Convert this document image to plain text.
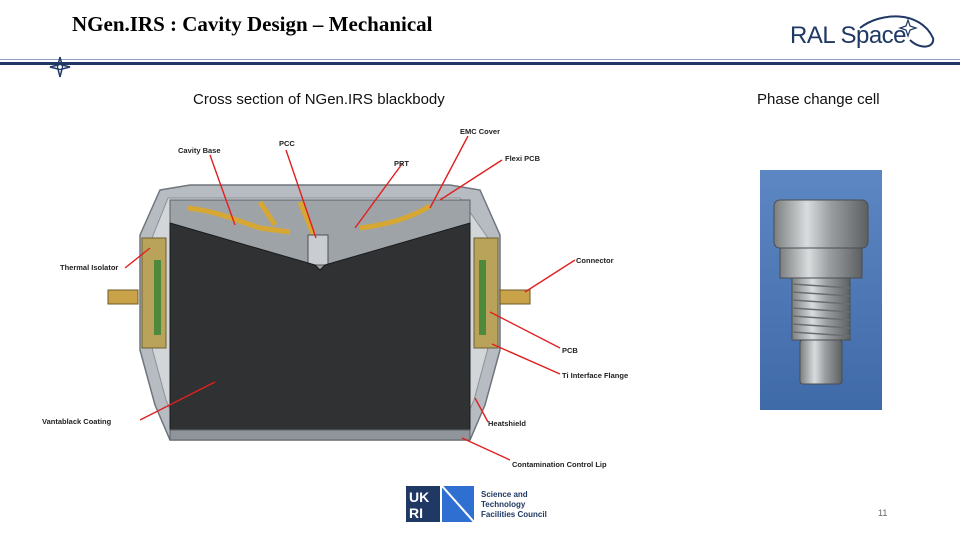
NGen.IRS : Cavity Design – Mechanical	RAL Space
Cross section of NGen.IRS blackbody	Phase change cell
Cavity Base
PCC
EMC Cover
PRT
Flexi PCB
Thermal Isolator
Connector
PCB
Ti Interface Flange
Vantablack Coating	Heatshield
Contamination Control Lip
UK
RI
Science and
Technology
Facilities Council	11
